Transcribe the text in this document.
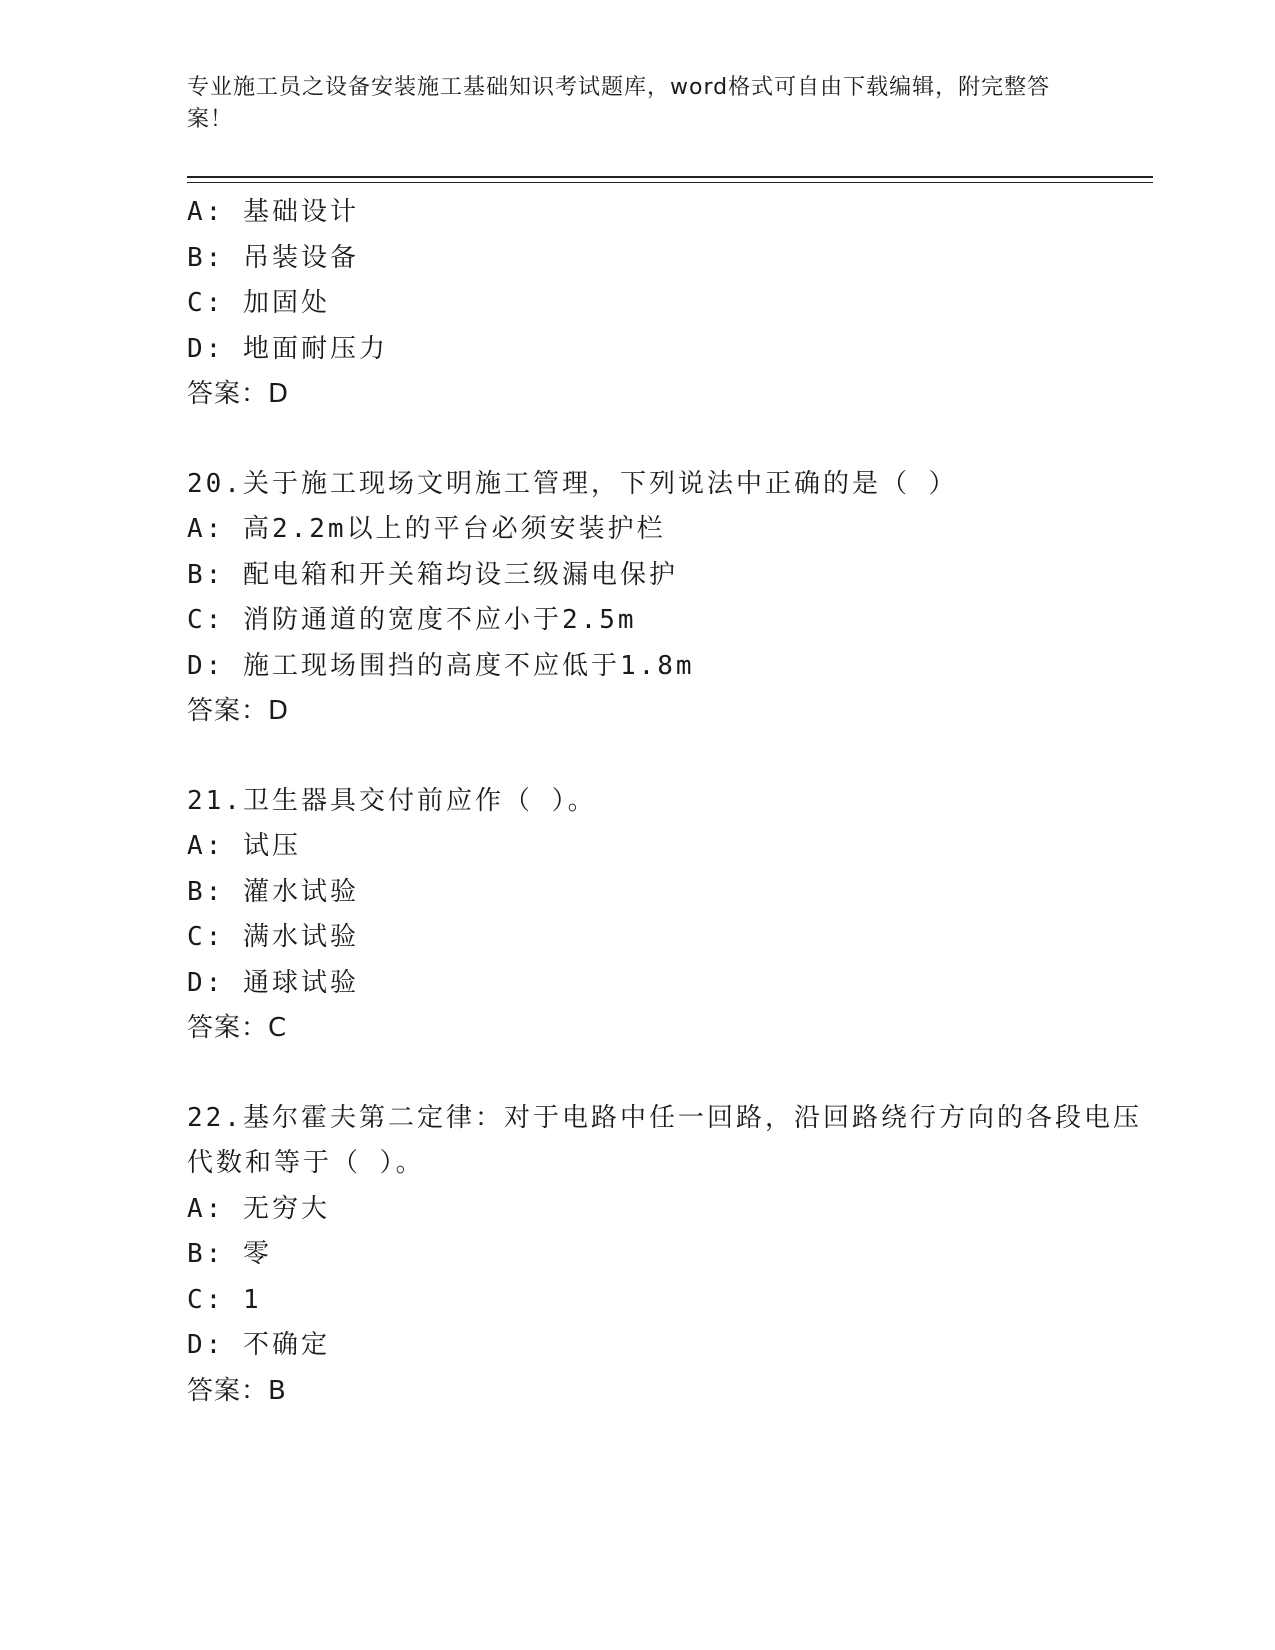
专业施工员之设备安装施工基础知识考试题库，word格式可自由下载编辑，附完整答案！
A: 基础设计
B: 吊装设备
C: 加固处
D: 地面耐压力
答案：D
20.关于施工现场文明施工管理，下列说法中正确的是（ ）
A: 高2.2m以上的平台必须安装护栏
B: 配电箱和开关箱均设三级漏电保护
C: 消防通道的宽度不应小于2.5m
D: 施工现场围挡的高度不应低于1.8m
答案：D
21.卫生器具交付前应作（ ）。
A: 试压
B: 灌水试验
C: 满水试验
D: 通球试验
答案：C
22.基尔霍夫第二定律：对于电路中任一回路，沿回路绕行方向的各段电压代数和等于（ ）。
A: 无穷大
B: 零
C: 1
D: 不确定
答案：B
